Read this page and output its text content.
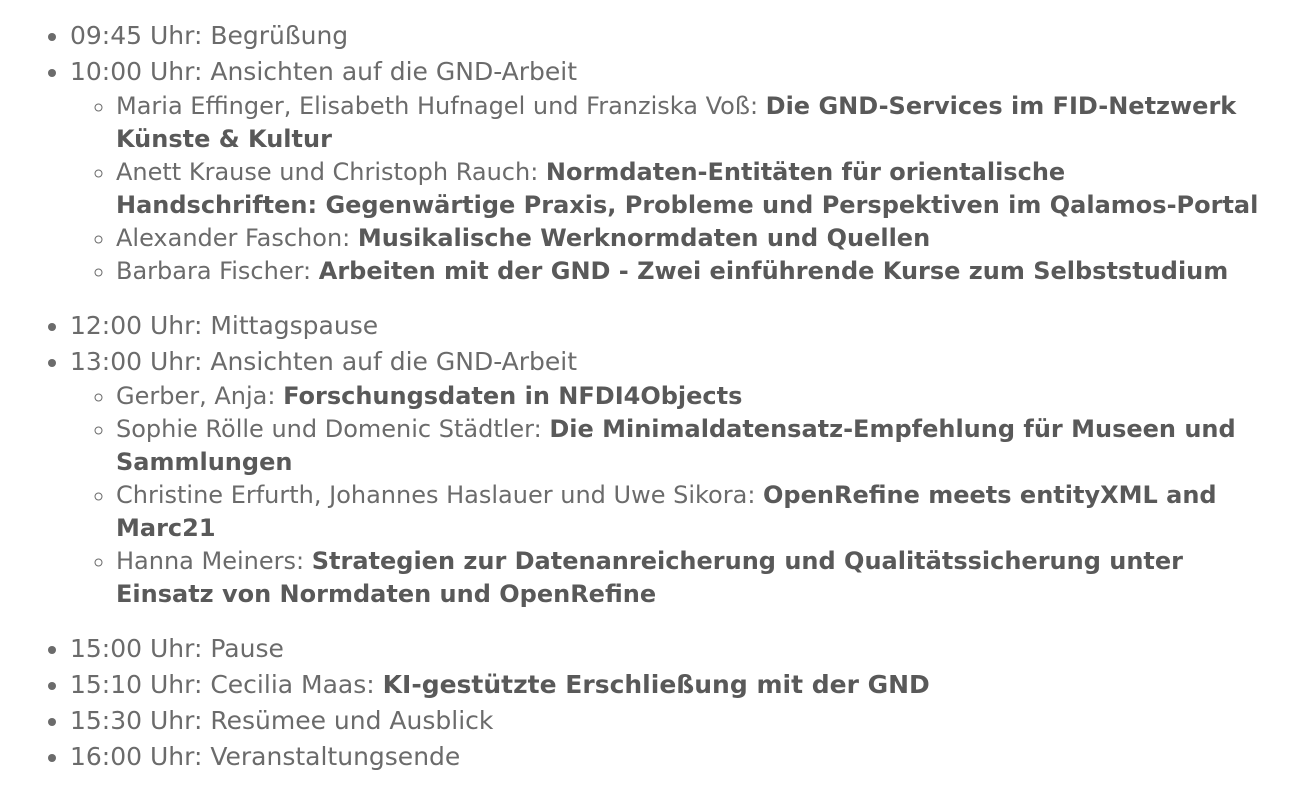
• 09:45 Uhr: Begrüßung
• 10:00 Uhr: Ansichten auf die GND-Arbeit
◦ Maria Effinger, Elisabeth Hufnagel und Franziska Voß: Die GND-Services im FID-Netzwerk Künste & Kultur
◦ Anett Krause und Christoph Rauch: Normdaten-Entitäten für orientalische Handschriften: Gegenwärtige Praxis, Probleme und Perspektiven im Qalamos-Portal
◦ Alexander Faschon: Musikalische Werknormdaten und Quellen
◦ Barbara Fischer: Arbeiten mit der GND - Zwei einführende Kurse zum Selbststudium
• 12:00 Uhr: Mittagspause
• 13:00 Uhr: Ansichten auf die GND-Arbeit
◦ Gerber, Anja: Forschungsdaten in NFDI4Objects
◦ Sophie Rölle und Domenic Städtler: Die Minimaldatensatz-Empfehlung für Museen und Sammlungen
◦ Christine Erfurth, Johannes Haslauer und Uwe Sikora: OpenRefine meets entityXML and Marc21
◦ Hanna Meiners: Strategien zur Datenanreicherung und Qualitätssicherung unter Einsatz von Normdaten und OpenRefine
• 15:00 Uhr: Pause
• 15:10 Uhr: Cecilia Maas: KI-gestützte Erschließung mit der GND
• 15:30 Uhr: Resümee und Ausblick
• 16:00 Uhr: Veranstaltungsende
